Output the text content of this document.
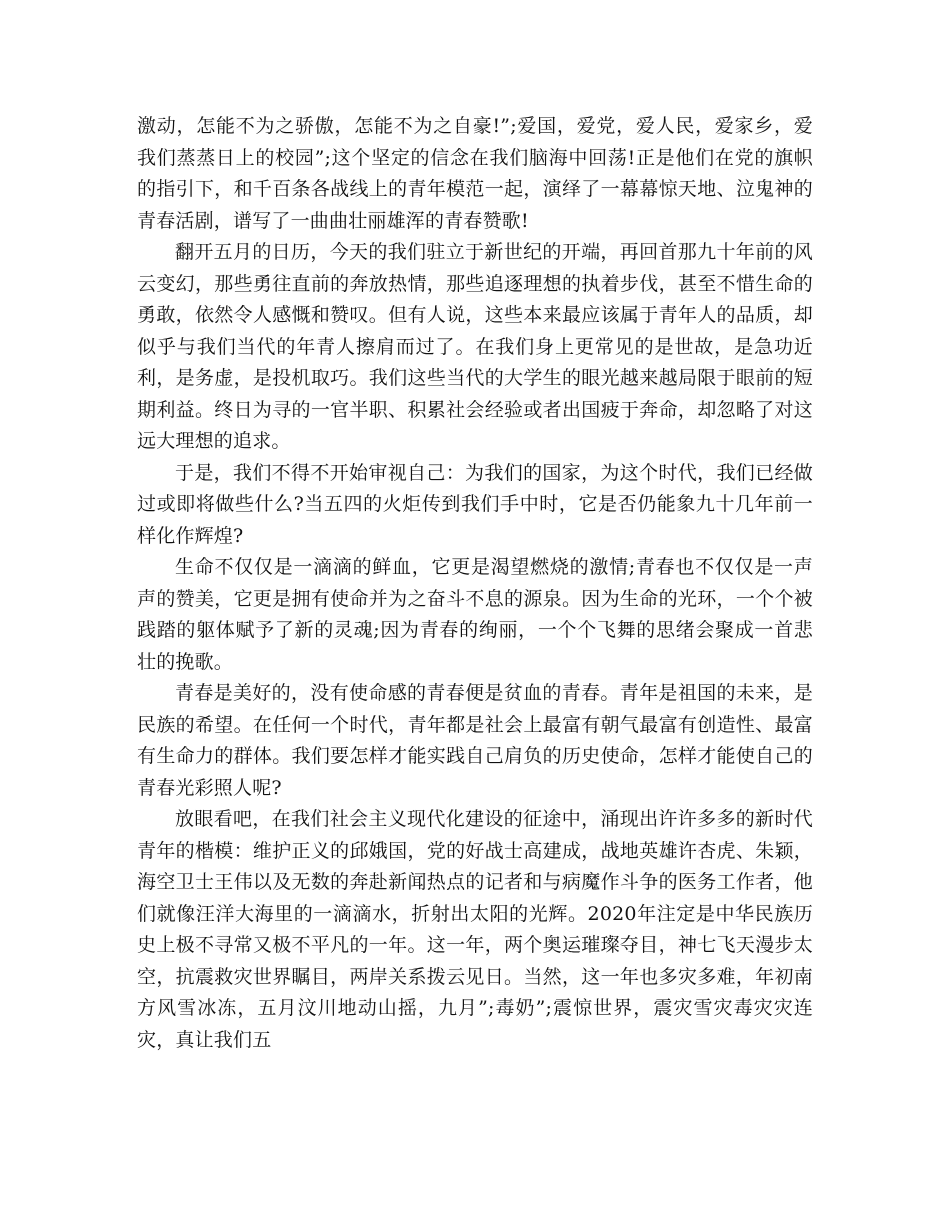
激动，怎能不为之骄傲，怎能不为之自豪!”;爱国，爱党，爱人民，爱家乡，爱我们蒸蒸日上的校园”;这个坚定的信念在我们脑海中回荡!正是他们在党的旗帜的指引下，和千百条各战线上的青年模范一起，演绎了一幕幕惊天地、泣鬼神的青春活剧，谱写了一曲曲壮丽雄浑的青春赞歌!

翻开五月的日历，今天的我们驻立于新世纪的开端，再回首那九十年前的风云变幻，那些勇往直前的奔放热情，那些追逐理想的执着步伐，甚至不惜生命的勇敢，依然令人感慨和赞叹。但有人说，这些本来最应该属于青年人的品质，却似乎与我们当代的年青人擦肩而过了。在我们身上更常见的是世故，是急功近利，是务虚，是投机取巧。我们这些当代的大学生的眼光越来越局限于眼前的短期利益。终日为寻的一官半职、积累社会经验或者出国疲于奔命，却忽略了对这远大理想的追求。

于是，我们不得不开始审视自己：为我们的国家，为这个时代，我们已经做过或即将做些什么?当五四的火炬传到我们手中时，它是否仍能象九十几年前一样化作辉煌?

生命不仅仅是一滴滴的鲜血，它更是渴望燃烧的激情;青春也不仅仅是一声声的赞美，它更是拥有使命并为之奋斗不息的源泉。因为生命的光环，一个个被践踏的躯体赋予了新的灵魂;因为青春的绚丽，一个个飞舞的思绪会聚成一首悲壮的挽歌。

青春是美好的，没有使命感的青春便是贫血的青春。青年是祖国的未来，是民族的希望。在任何一个时代，青年都是社会上最富有朝气最富有创造性、最富有生命力的群体。我们要怎样才能实践自己肩负的历史使命，怎样才能使自己的青春光彩照人呢?

放眼看吧，在我们社会主义现代化建设的征途中，涌现出许许多多的新时代青年的楷模：维护正义的邱娥国，党的好战士高建成，战地英雄许杏虎、朱颖，海空卫士王伟以及无数的奔赴新闻热点的记者和与病魔作斗争的医务工作者，他们就像汪洋大海里的一滴滴水，折射出太阳的光辉。2020年注定是中华民族历史上极不寻常又极不平凡的一年。这一年，两个奥运璀璨夺目，神七飞天漫步太空，抗震救灾世界瞩目，两岸关系拨云见日。当然，这一年也多灾多难，年初南方风雪冰冻，五月汶川地动山摇，九月”;毒奶”;震惊世界，震灾雪灾毒灾灾连灾，真让我们五
